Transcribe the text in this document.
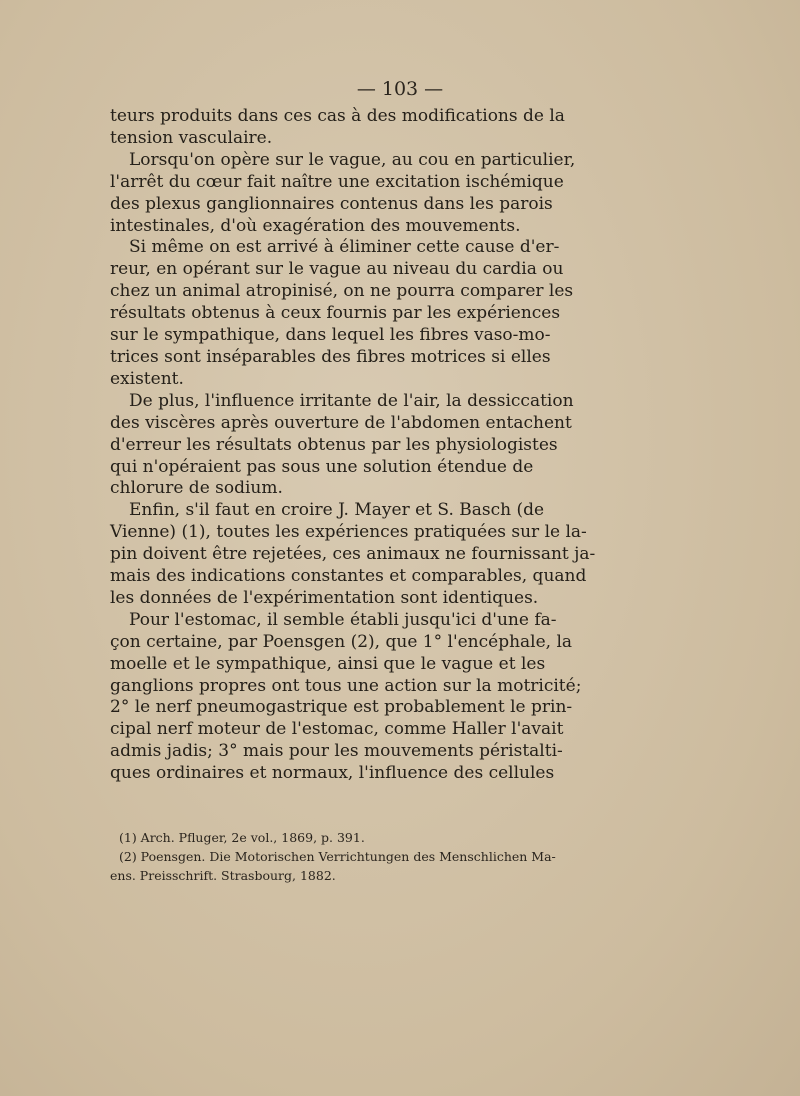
— 103 —
teurs produits dans ces cas à des modifications de la
tension vasculaire.
Lorsqu'on opère sur le vague, au cou en particulier,
l'arrêt du cœur fait naître une excitation ischémique
des plexus ganglionnaires contenus dans les parois
intestinales, d'où exagération des mouvements.
Si même on est arrivé à éliminer cette cause d'er-
reur, en opérant sur le vague au niveau du cardia ou
chez un animal atropinisé, on ne pourra comparer les
résultats obtenus à ceux fournis par les expériences
sur le sympathique, dans lequel les fibres vaso-mo-
trices sont inséparables des fibres motrices si elles
existent.
De plus, l'influence irritante de l'air, la dessiccation
des viscères après ouverture de l'abdomen entachent
d'erreur les résultats obtenus par les physiologistes
qui n'opéraient pas sous une solution étendue de
chlorure de sodium.
Enfin, s'il faut en croire J. Mayer et S. Basch (de
Vienne) (1), toutes les expériences pratiquées sur le la-
pin doivent être rejetées, ces animaux ne fournissant ja-
mais des indications constantes et comparables, quand
les données de l'expérimentation sont identiques.
Pour l'estomac, il semble établi jusqu'ici d'une fa-
çon certaine, par Poensgen (2), que 1° l'encéphale, la
moelle et le sympathique, ainsi que le vague et les
ganglions propres ont tous une action sur la motricité;
2° le nerf pneumogastrique est probablement le prin-
cipal nerf moteur de l'estomac, comme Haller l'avait
admis jadis; 3° mais pour les mouvements péristalti-
ques ordinaires et normaux, l'influence des cellules
(1) Arch. Pfluger, 2e vol., 1869, p. 391.
(2) Poensgen. Die Motorischen Verrichtungen des Menschlichen Ma-
ens. Preisschrift. Strasbourg, 1882.
